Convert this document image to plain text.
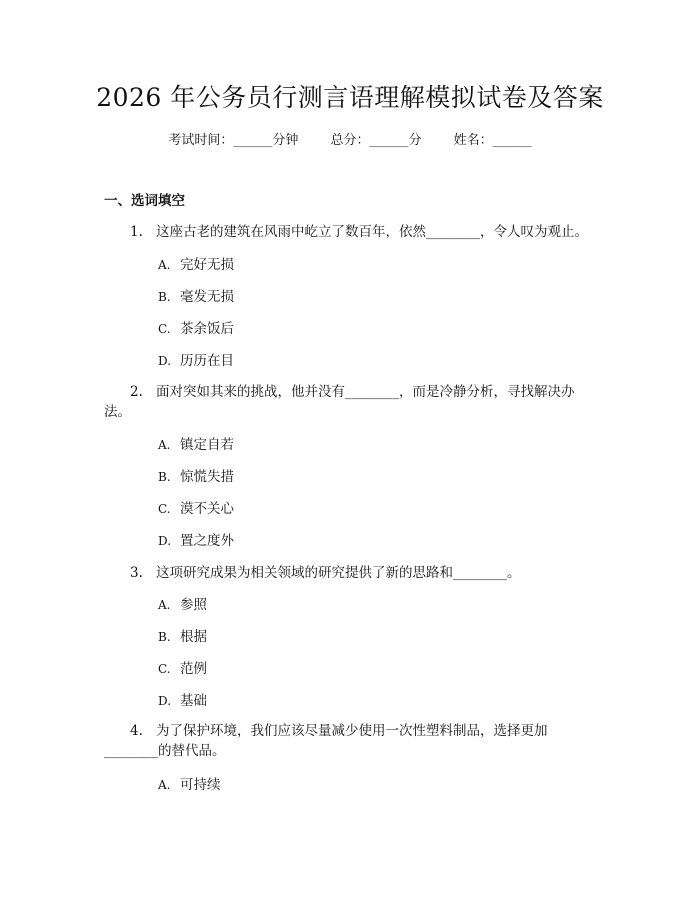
2026 年公务员行测言语理解模拟试卷及答案
考试时间：______分钟 总分：______分 姓名：______
一、选词填空
1. 这座古老的建筑在风雨中屹立了数百年，依然________，令人叹为观止。
A. 完好无损
B. 毫发无损
C. 茶余饭后
D. 历历在目
2. 面对突如其来的挑战，他并没有________，而是冷静分析，寻找解决办法。
A. 镇定自若
B. 惊慌失措
C. 漠不关心
D. 置之度外
3. 这项研究成果为相关领域的研究提供了新的思路和________。
A. 参照
B. 根据
C. 范例
D. 基础
4. 为了保护环境，我们应该尽量减少使用一次性塑料制品，选择更加________的替代品。
A. 可持续
